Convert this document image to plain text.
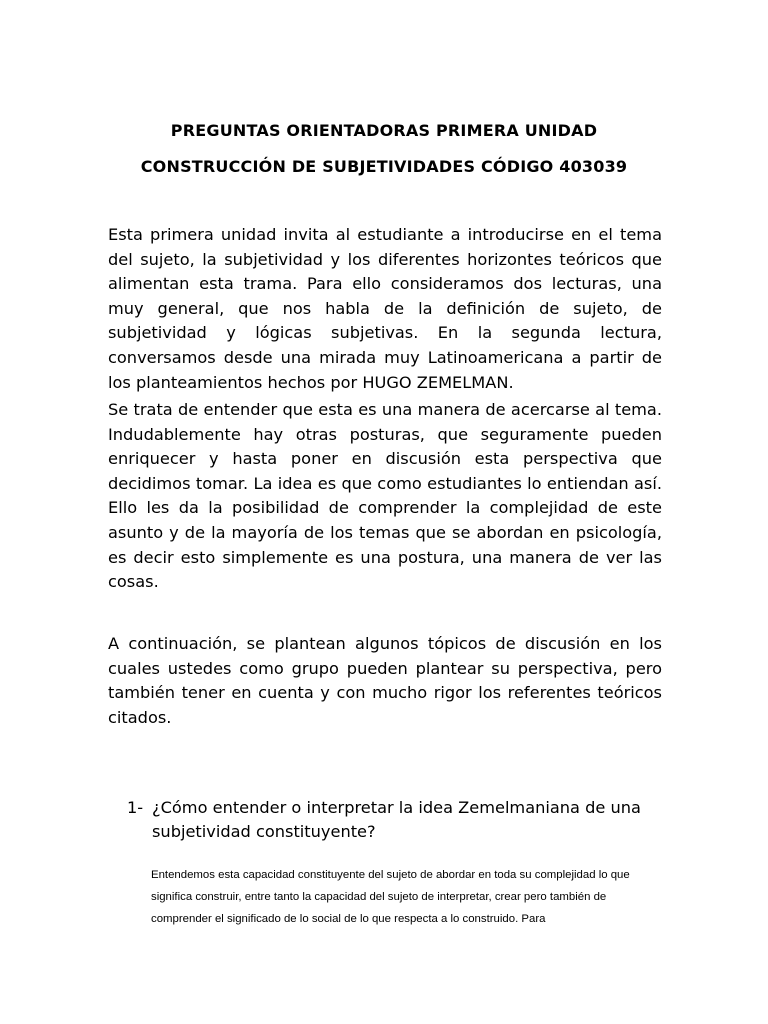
PREGUNTAS ORIENTADORAS PRIMERA UNIDAD
CONSTRUCCIÓN DE SUBJETIVIDADES CÓDIGO 403039

Esta primera unidad invita al estudiante a introducirse en el tema del sujeto, la subjetividad y los diferentes horizontes teóricos que alimentan esta trama. Para ello consideramos dos lecturas, una muy general, que nos habla de la definición de sujeto, de subjetividad y lógicas subjetivas. En la segunda lectura, conversamos desde una mirada muy Latinoamericana a partir de los planteamientos hechos por HUGO ZEMELMAN.

Se trata de entender que esta es una manera de acercarse al tema. Indudablemente hay otras posturas, que seguramente pueden enriquecer y hasta poner en discusión esta perspectiva que decidimos tomar. La idea es que como estudiantes lo entiendan así. Ello les da la posibilidad de comprender la complejidad de este asunto y de la mayoría de los temas que se abordan en psicología, es decir esto simplemente es una postura, una manera de ver las cosas.

A continuación, se plantean algunos tópicos de discusión en los cuales ustedes como grupo pueden plantear su perspectiva, pero también tener en cuenta y con mucho rigor los referentes teóricos citados.

1- ¿Cómo entender o interpretar la idea Zemelmaniana de una subjetividad constituyente?

Entendemos esta capacidad constituyente del sujeto de abordar en toda su complejidad lo que significa construir, entre tanto la capacidad del sujeto de interpretar, crear pero también de comprender el significado de lo social de lo que respecta a lo construido. Para
